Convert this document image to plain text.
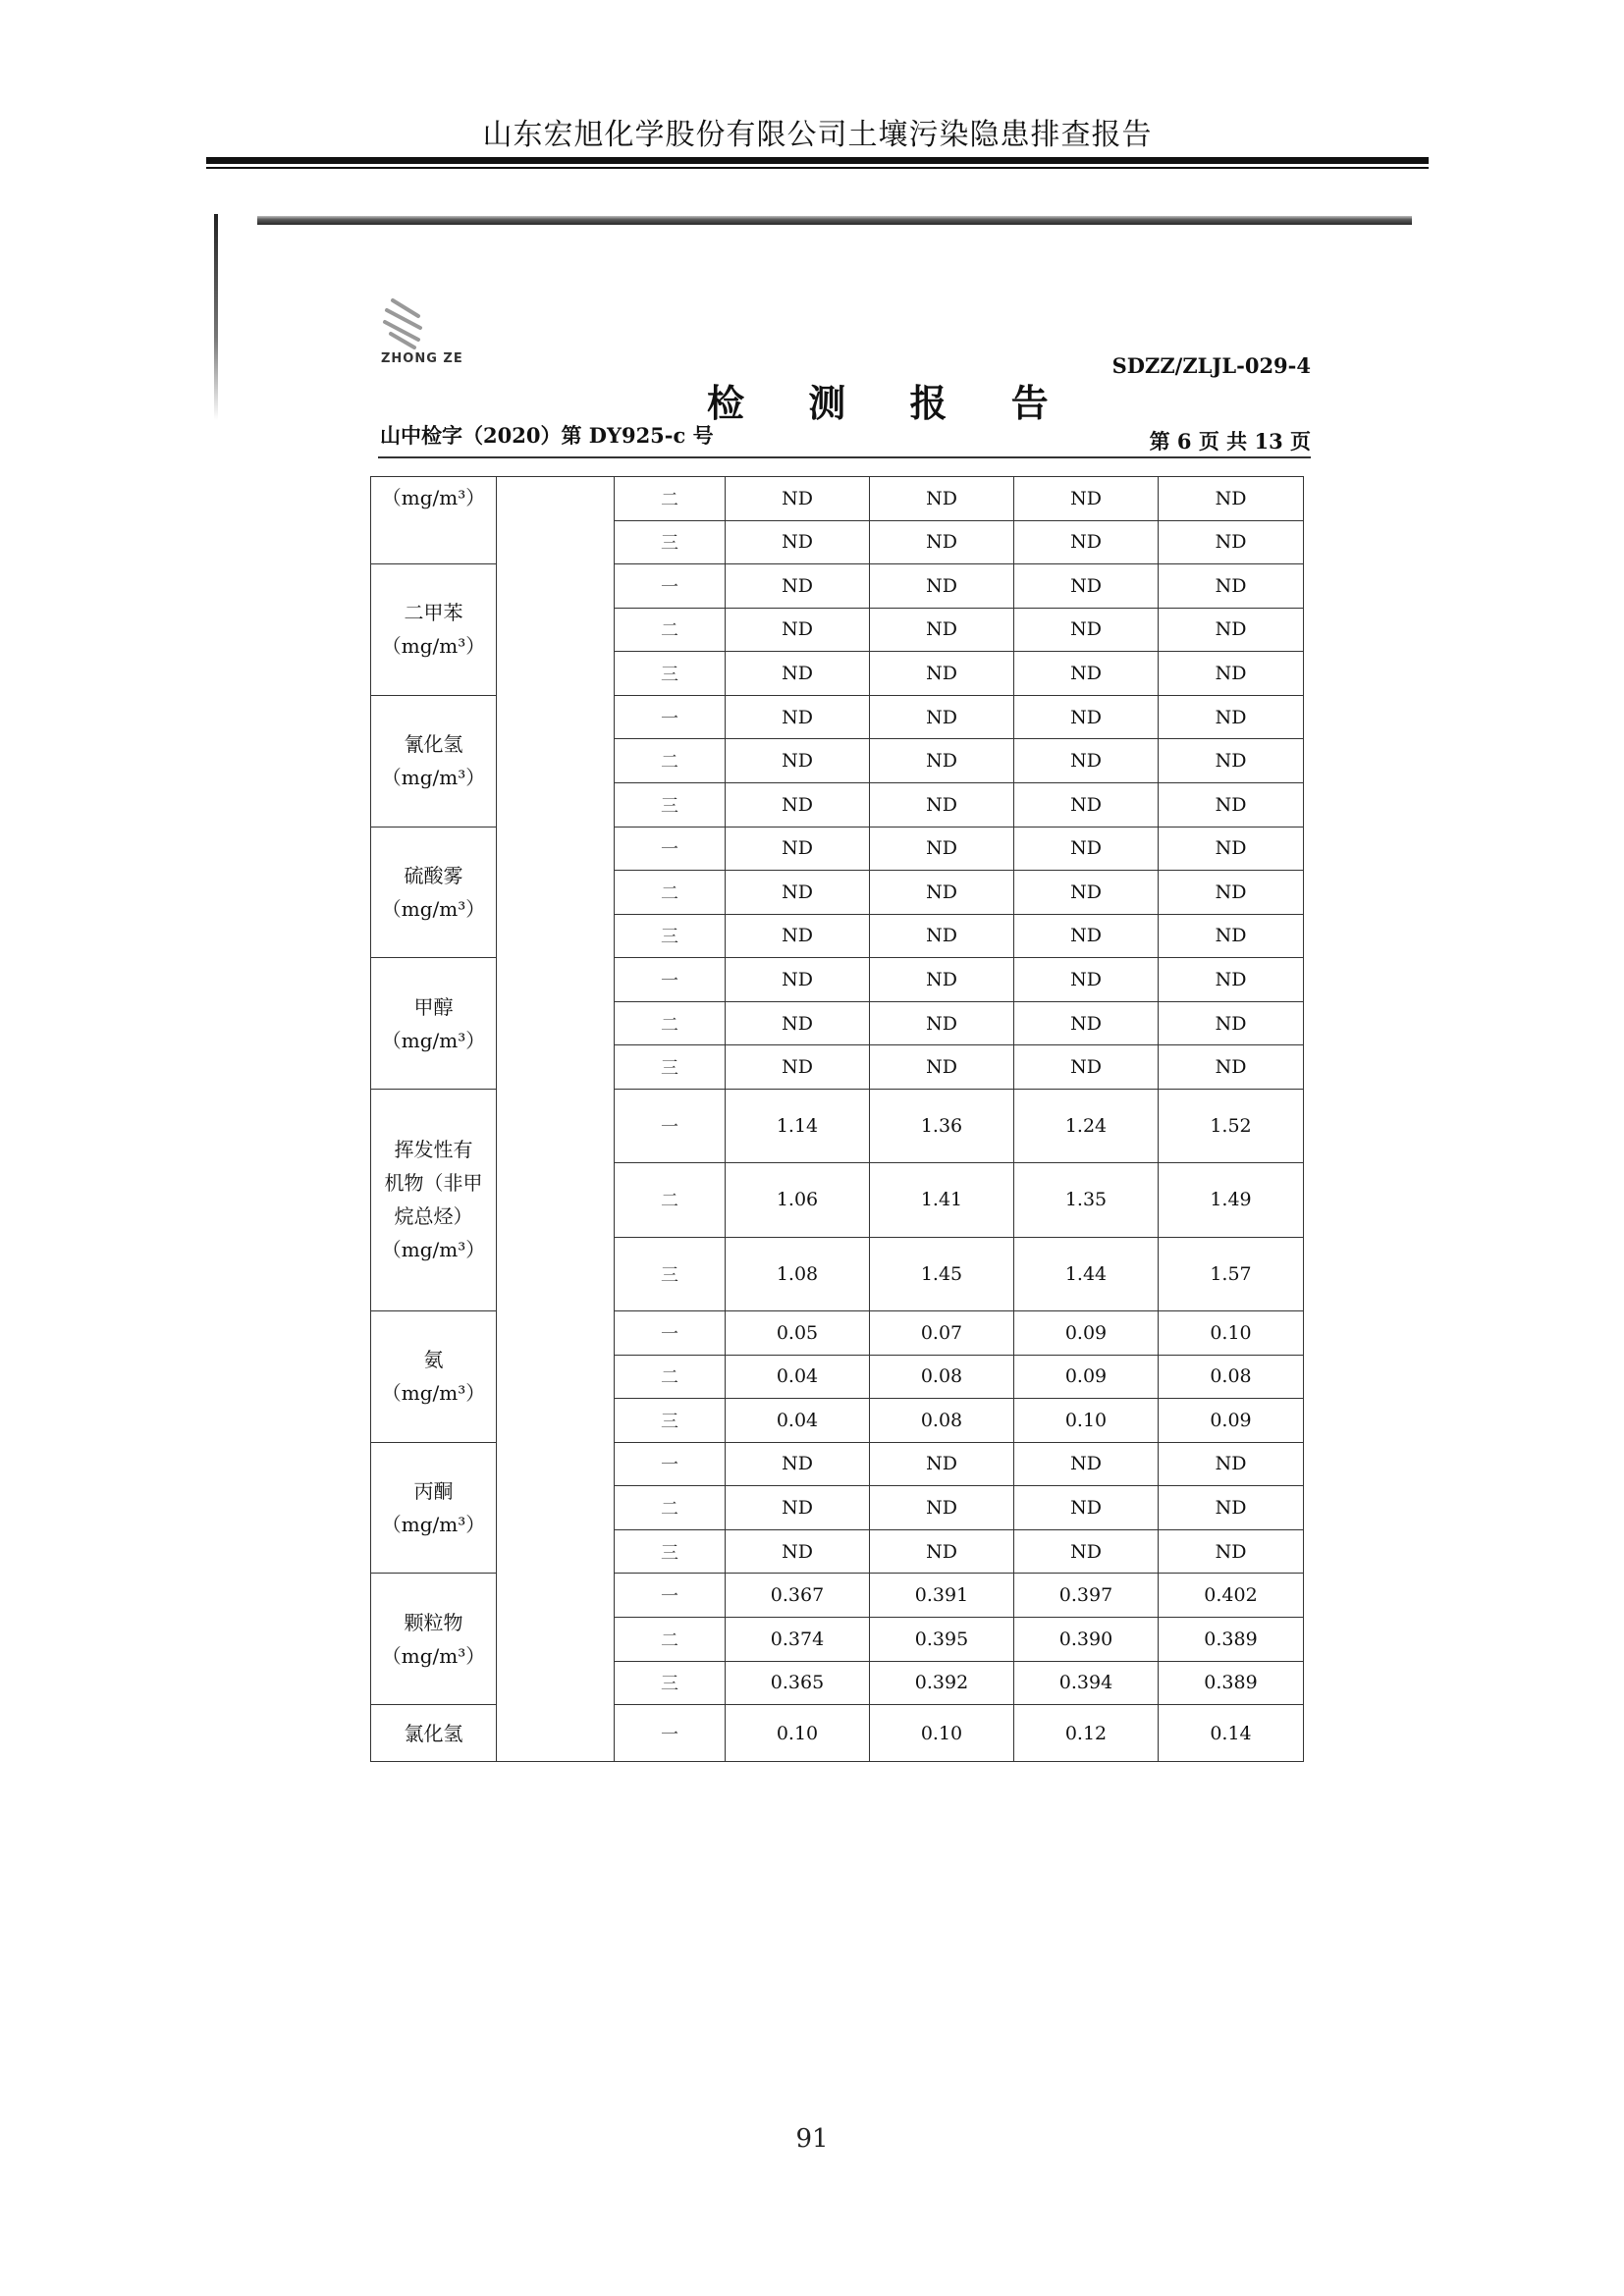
山东宏旭化学股份有限公司土壤污染隐患排查报告
ZHONG ZE	SDZZ/ZLJL-029-4
检 测 报 告
山中检字（2020）第 DY925-c 号	第 6 页 共 13 页
（mg/m³）		二	ND	ND	ND	ND
		三	ND	ND	ND	ND

二甲苯
（mg/m³）		一	ND	ND	ND	ND
		二	ND	ND	ND	ND
		三	ND	ND	ND	ND

氰化氢
（mg/m³）		一	ND	ND	ND	ND
		二	ND	ND	ND	ND
		三	ND	ND	ND	ND

硫酸雾
（mg/m³）		一	ND	ND	ND	ND
		二	ND	ND	ND	ND
		三	ND	ND	ND	ND

甲醇
（mg/m³）		一	ND	ND	ND	ND
		二	ND	ND	ND	ND
		三	ND	ND	ND	ND

挥发性有
机物（非甲
烷总烃）
（mg/m³）		一	1.14	1.36	1.24	1.52
		二	1.06	1.41	1.35	1.49
		三	1.08	1.45	1.44	1.57

氨
（mg/m³）		一	0.05	0.07	0.09	0.10
		二	0.04	0.08	0.09	0.08
		三	0.04	0.08	0.10	0.09

丙酮
（mg/m³）		一	ND	ND	ND	ND
		二	ND	ND	ND	ND
		三	ND	ND	ND	ND

颗粒物
（mg/m³）		一	0.367	0.391	0.397	0.402
		二	0.374	0.395	0.390	0.389
		三	0.365	0.392	0.394	0.389

氯化氢		一	0.10	0.10	0.12	0.14
91
